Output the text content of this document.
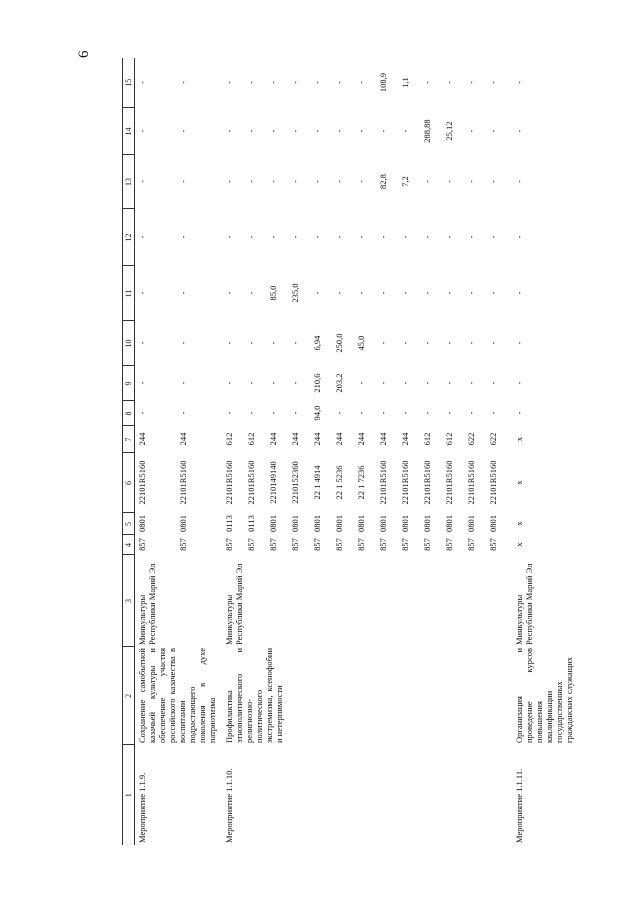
6
1	2	3	4	5	6	7	8	9	10	11	12	13	14	15
Мероприятие 1.1.9.	Сохранение самобытной казачьей культуры и обеспечение участия российского казачества в воспитании подрастающего поколения в духе патриотизма	Минкультуры Республики Марий Эл	857	0801	22101R5160	244	-	-	-	-	-	-	-	-
			857	0801	22101R5160	244	-	-	-	-	-	-	-	-

Мероприятие 1.1.10.	Профилактика этнополитического и религиозно-политического экстремизма, ксенофобии и нетерпимости	Минкультуры Республики Марий Эл	857	0113	22101R5160	612	-	-	-	-	-	-	-	-
			857	0113	22101R5160	612	-	-	-	-	-	-	-	-
			857	0801	2210149140	244	-	-	-	85,0	-	-	-	-
			857	0801	2210152360	244	-	-	-	235,0	-	-	-	-
			857	0801	22 1 4914	244	94,0	210,6	6,94	-	-	-	-	-
			857	0801	22 1 5236	244	-	203,2	250,0	-	-	-	-	-
			857	0801	22 1 7236	244	-	-	45,0	-	-	-	-	-
			857	0801	22101R5160	244	-	-	-	-	-	82,8	-	108,9
			857	0801	22101R5160	244	-	-	-	-	-	7,2	-	1,1
			857	0801	22101R5160	612	-	-	-	-	-	-	288,88	-
			857	0801	22101R5160	612	-	-	-	-	-	-	25,12	-
			857	0801	22101R5160	622	-	-	-	-	-	-	-	-
			857	0801	22101R5160	622	-	-	-	-	-	-	-	-

Мероприятие 1.1.11.	Организация и проведение курсов повышения квалификации государственных гражданских служащих	Минкультуры Республики Марий Эл	x	x	x	x	-	-	-	-	-	-	-	-
